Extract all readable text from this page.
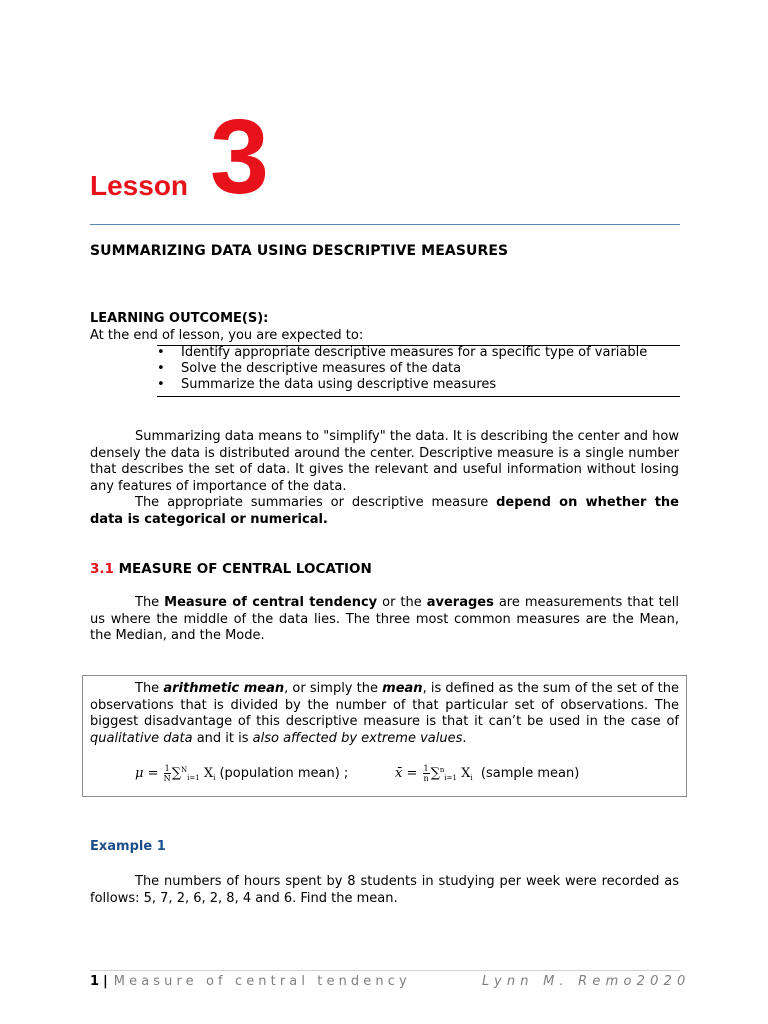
Lesson 3
SUMMARIZING DATA USING DESCRIPTIVE MEASURES
LEARNING OUTCOME(S):
At the end of lesson, you are expected to:
• Identify appropriate descriptive measures for a specific type of variable
• Solve the descriptive measures of the data
• Summarize the data using descriptive measures

Summarizing data means to "simplify" the data. It is describing the center and how densely the data is distributed around the center. Descriptive measure is a single number that describes the set of data. It gives the relevant and useful information without losing any features of importance of the data.

The appropriate summaries or descriptive measure depend on whether the data is categorical or numerical.

3.1 MEASURE OF CENTRAL LOCATION

The Measure of central tendency or the averages are measurements that tell us where the middle of the data lies. The three most common measures are the Mean, the Median, and the Mode.

The arithmetic mean, or simply the mean, is defined as the sum of the set of the observations that is divided by the number of that particular set of observations. The biggest disadvantage of this descriptive measure is that it can’t be used in the case of qualitative data and it is also affected by extreme values.

$\mu = \frac{1}{N}\sum^N_{i=1}$ $X_i$ (population mean) ;	x̄ = $\frac{1}{n}\sum^n_{i=1}$ $X_i$ (sample mean)
Example 1

The numbers of hours spent by 8 students in studying per week were recorded as follows: 5, 7, 2, 6, 2, 8, 4 and 6. Find the mean.

1 | Measure of central tendency	Lynn M. Remo2020
